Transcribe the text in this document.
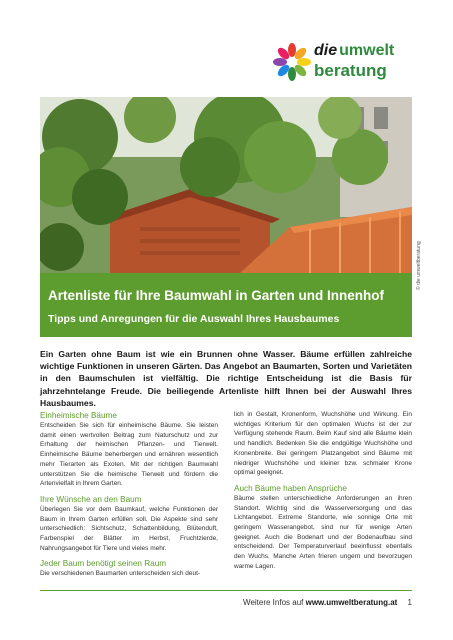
die umwelt
beratung
© die umweltberatung
Artenliste für Ihre Baumwahl in Garten und Innenhof
Tipps und Anregungen für die Auswahl Ihres Hausbaumes
Ein Garten ohne Baum ist wie ein Brunnen ohne Wasser. Bäume erfüllen zahlreiche wichtige Funktionen in unseren Gärten. Das Angebot an Baumarten, Sorten und Varietäten in den Baumschulen ist vielfältig. Die richtige Entscheidung ist die Basis für jahrzehntelange Freude. Die beiliegende Artenliste hilft Ihnen bei der Auswahl Ihres Hausbaumes.
Einheimische Bäume

Entscheiden Sie sich für einheimische Bäume. Sie leisten damit einen wertvollen Beitrag zum Naturschutz und zur Erhaltung der heimischen Pflanzen- und Tierwelt. Einheimische Bäume beherbergen und ernähren wesentlich mehr Tierarten als Exoten. Mit der richtigen Baumwahl unterstützen Sie die heimische Tierwelt und fördern die Artenvielfalt in Ihrem Garten.

Ihre Wünsche an den Baum

Überlegen Sie vor dem Baumkauf, welche Funktionen der Baum in Ihrem Garten erfüllen soll. Die Aspekte sind sehr unterschiedlich: Sichtschutz, Schattenbildung, Blütenduft, Farbenspiel der Blätter im Herbst, Fruchtzierde, Nahrungsangebot für Tiere und vieles mehr.

Jeder Baum benötigt seinen Raum

Die verschiedenen Baumarten unterscheiden sich deut-

lich in Gestalt, Kronenform, Wuchshöhe und Wirkung. Ein wichtiges Kriterium für den optimalen Wuchs ist der zur Verfügung stehende Raum. Beim Kauf sind alle Bäume klein und handlich. Bedenken Sie die endgültige Wuchshöhe und Kronenbreite. Bei geringem Platzangebot sind Bäume mit niedriger Wuchshöhe und kleiner bzw. schmaler Krone optimal geeignet.

Auch Bäume haben Ansprüche

Bäume stellen unterschiedliche Anforderungen an ihren Standort. Wichtig sind die Wasserversorgung und das Lichtangebot. Extreme Standorte, wie sonnige Orte mit geringem Wasserangebot, sind nur für wenige Arten geeignet. Auch die Bodenart und der Bodenaufbau sind entscheidend. Der Temperaturverlauf beeinflusst ebenfalls den Wuchs. Manche Arten frieren ungern und bevorzugen warme Lagen.

Weitere Infos auf www.umweltberatung.at 1
